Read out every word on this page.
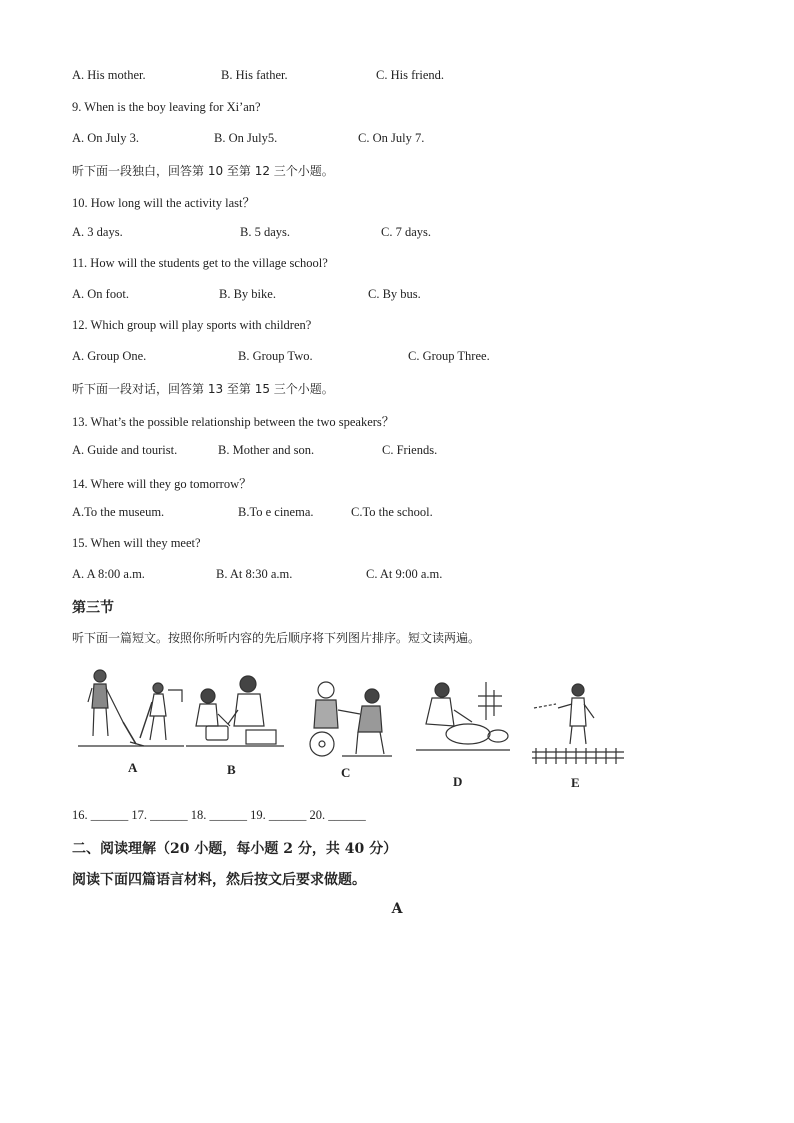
A. His mother.	B. His father.	C. His friend.
9. When is the boy leaving for Xi’an?
A. On July 3.	B. On July5.	C. On July 7.
听下面一段独白，回答第 10 至第 12 三个小题。
10. How long will the activity last？
A. 3 days.	B. 5 days.	C. 7 days.
11. How will the students get to the village school?
A. On foot.	B. By bike.	C. By bus.
12. Which group will play sports with children?
A. Group One.	B. Group Two.	C. Group Three.
听下面一段对话，回答第 13 至第 15 三个小题。
13. What’s the possible relationship between the two speakers？
A. Guide and tourist.	B. Mother and son.	C. Friends.
14. Where will they go tomorrow？
A.To the museum.	B.To e cinema.	C.To the school.
15. When will they meet?
A. A 8:00 a.m.	B. At 8:30 a.m.	C. At 9:00 a.m.
第三节
听下面一篇短文。按照你所听内容的先后顺序将下列图片排序。短文读两遍。
A	B	C
D	E
16. ______ 17. ______ 18. ______ 19. ______ 20. ______
二、阅读理解（20 小题，每小题 2 分，共 40 分）
阅读下面四篇语言材料，然后按文后要求做题。
A
